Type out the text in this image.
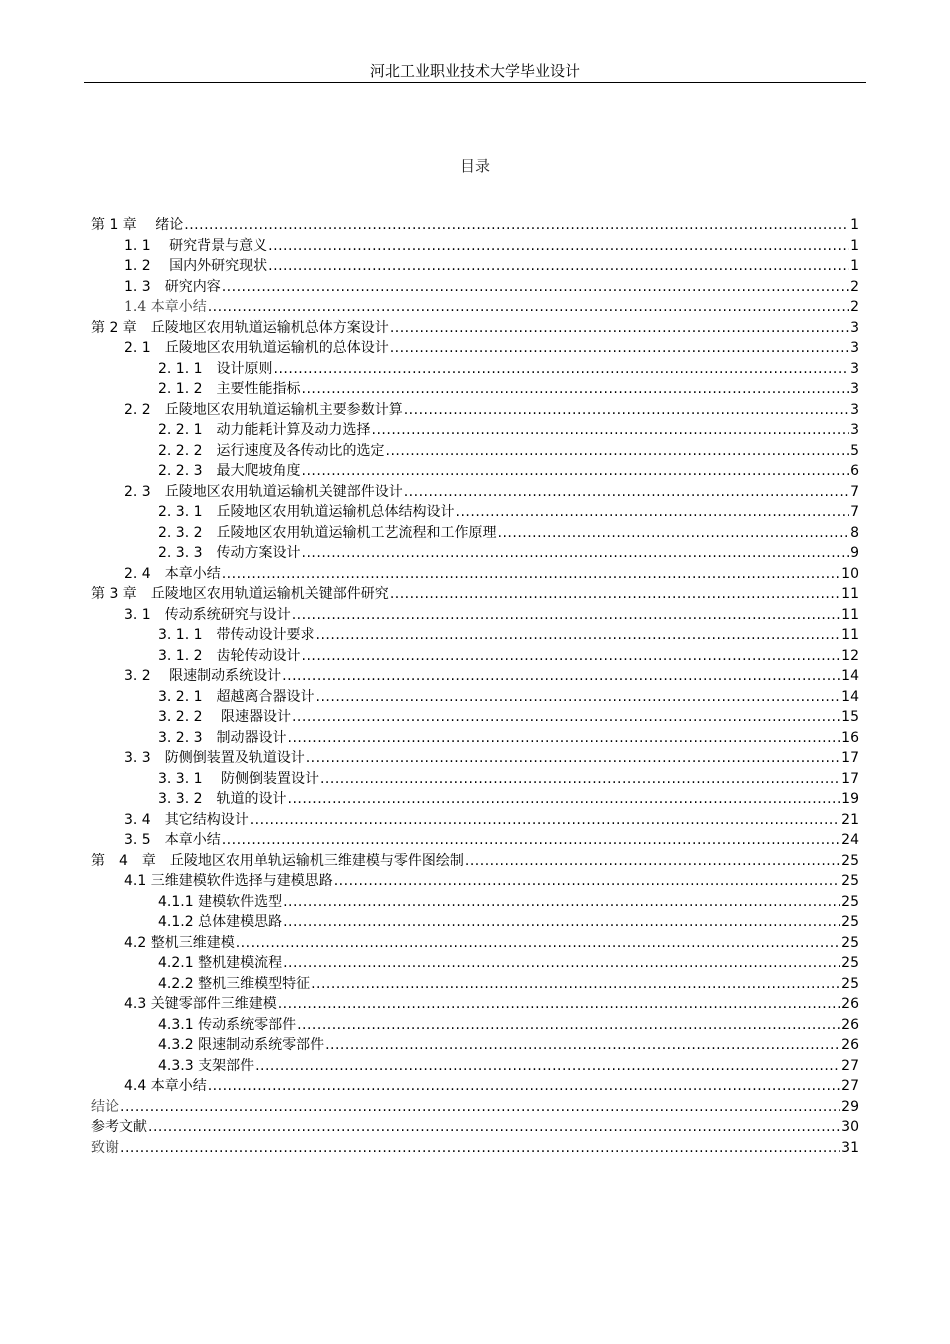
河北工业职业技术大学毕业设计
目录
第 1 章　 绪论 .....	1
1. 1　 研究背景与意义 .....	1
1. 2　 国内外研究现状 .....	1
1. 3　研究内容 .....	2
1.4 本章小结 .....	2
第 2 章　丘陵地区农用轨道运输机总体方案设计 .....	3
2. 1　丘陵地区农用轨道运输机的总体设计 .....	3
2. 1. 1　设计原则 .....	3
2. 1. 2　主要性能指标 .....	3
2. 2　丘陵地区农用轨道运输机主要参数计算 .....	3
2. 2. 1　动力能耗计算及动力选择 .....	3
2. 2. 2　运行速度及各传动比的选定 .....	5
2. 2. 3　最大爬坡角度 .....	6
2. 3　丘陵地区农用轨道运输机关键部件设计 .....	7
2. 3. 1　丘陵地区农用轨道运输机总体结构设计 .....	7
2. 3. 2　丘陵地区农用轨道运输机工艺流程和工作原理 .....	8
2. 3. 3　传动方案设计 .....	9
2. 4　本章小结 .....	10
第 3 章　丘陵地区农用轨道运输机关键部件研究 .....	11
3. 1　传动系统研究与设计 .....	11
3. 1. 1　带传动设计要求 .....	11
3. 1. 2　齿轮传动设计 .....	12
3. 2　 限速制动系统设计 .....	14
3. 2. 1　超越离合器设计 .....	14
3. 2. 2　 限速器设计 .....	15
3. 2. 3　制动器设计 .....	16
3. 3　防侧倒装置及轨道设计 .....	17
3. 3. 1　 防侧倒装置设计 .....	17
3. 3. 2　轨道的设计 .....	19
3. 4　其它结构设计 .....	21
3. 5　本章小结 .....	24
第　4　章　丘陵地区农用单轨运输机三维建模与零件图绘制 .....	25
4.1 三维建模软件选择与建模思路 .....	25
4.1.1 建模软件选型 .....	25
4.1.2 总体建模思路 .....	25
4.2 整机三维建模 .....	25
4.2.1 整机建模流程 .....	25
4.2.2 整机三维模型特征 .....	25
4.3 关键零部件三维建模 .....	26
4.3.1 传动系统零部件 .....	26
4.3.2 限速制动系统零部件 .....	26
4.3.3 支架部件 .....	27
4.4 本章小结 .....	27
结论 .....	29
参考文献 .....	30
致谢 .....	31
